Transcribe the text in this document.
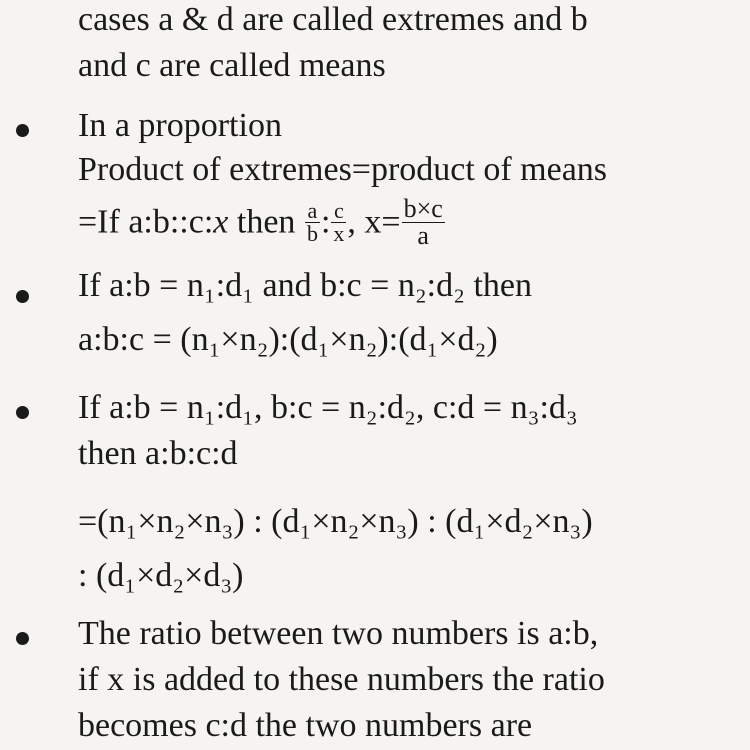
cases a & d are called extremes and b
and c are called means
In a proportion
Product of extremes=product of means
=If a:b::c:x then $\frac{a}{b}$ : $\frac{c}{x}$ , $x= \frac{b\times c}{a}$
If a:b = n₁:d₁ and b:c = n₂:d₂ then
a:b:c = (n₁×n₂):(d₁×n₂):(d₁×d₂)
If a:b = n₁:d₁, b:c = n₂:d₂, c:d = n₃:d₃
then a:b:c:d
=(n₁×n₂×n₃) : (d₁×n₂×n₃) : (d₁×d₂×n₃)
: (d₁×d₂×d₃)
The ratio between two numbers is a:b,
if x is added to these numbers the ratio
becomes c:d the two numbers are
